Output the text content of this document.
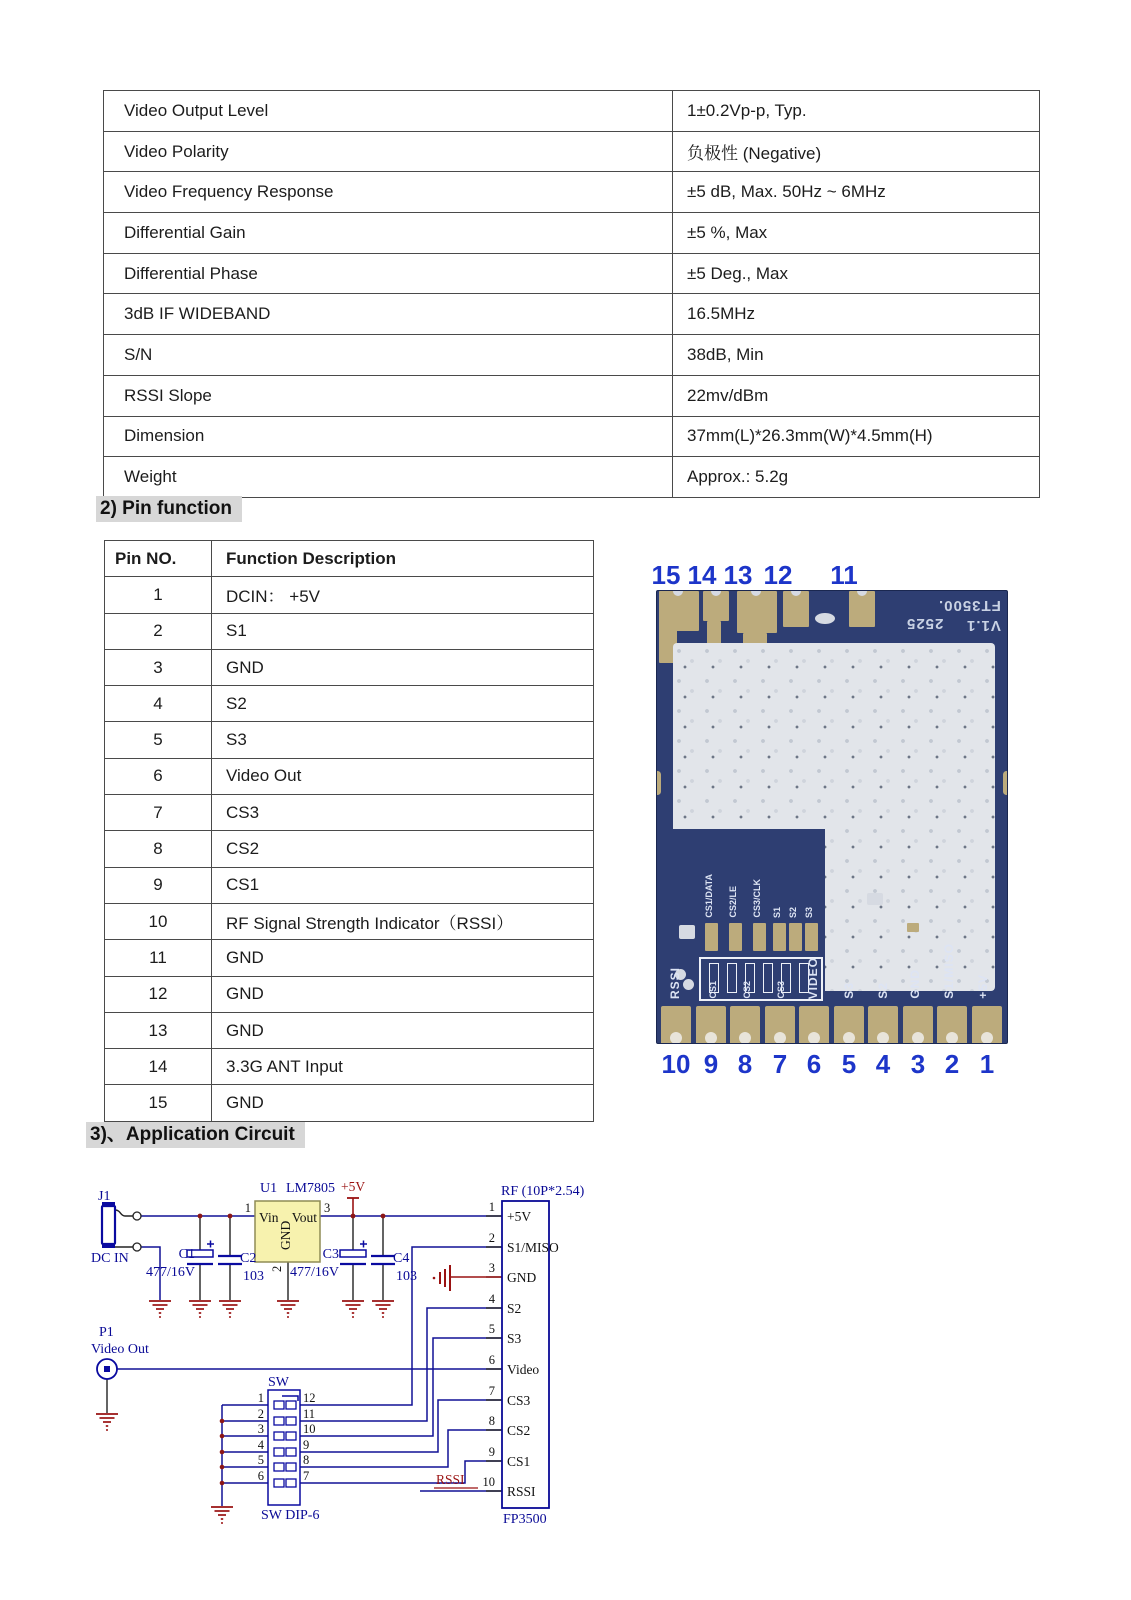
Video Output Level	1±0.2Vp-p, Typ.
Video Polarity	负极性 (Negative)
Video Frequency Response	±5 dB, Max. 50Hz ~ 6MHz
Differential Gain	±5 %, Max
Differential Phase	±5 Deg., Max
3dB IF WIDEBAND	16.5MHz
S/N	38dB, Min
RSSI Slope	22mv/dBm
Dimension	37mm(L)*26.3mm(W)*4.5mm(H)
Weight	Approx.: 5.2g
2) Pin function
Pin NO.	Function Description
1	DCIN： +5V
2	S1
3	GND
4	S2
5	S3
6	Video Out
7	CS3
8	CS2
9	CS1
10	RF Signal Strength Indicator（RSSI）
11	GND
12	GND
13	GND
14	3.3G ANT Input
15	GND
15 14 13 12 11
FT3500.
V1.1
2525
CS1/DATA CS2/LE CS3/CLK S1 S2 S3
RSSI	CS1	CS2	CS3 VIDEO S3 S2 GND S1/MISO +5V
10 9 8 7 6 5 4 3 2 1
3)、Application Circuit
J1
DC IN	C1
477/16V
C2
103
U1 LM7805
Vin Vout
GND
1	3
2
+5V
C3
477/16V
C4
103
RF (10P*2.54)
FP3500
RSSI
P1
Video Out
SW
SW DIP-6
1
2
3
4
5
6
7
8
9
10
+5V
S1/MISO
GND
S2
S3
Video
CS3
CS2
CS1
RSSI
1
2
3
4
5
6
12
11
10
9
8
7
